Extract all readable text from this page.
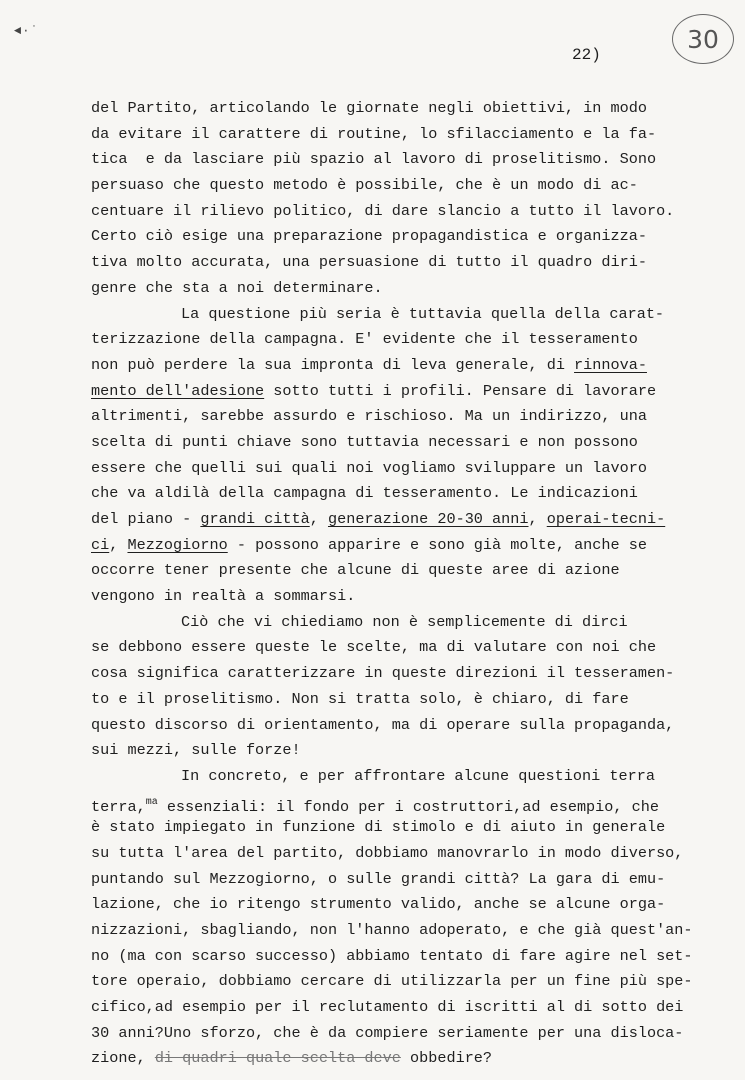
◄·˙	30
22)
del Partito, articolando le giornate negli obiettivi, in modo
da evitare il carattere di routine, lo sfilacciamento e la fa-
tica  e da lasciare più spazio al lavoro di proselitismo. Sono
persuaso che questo metodo è possibile, che è un modo di ac-
centuare il rilievo politico, di dare slancio a tutto il lavoro.
Certo ciò esige una preparazione propagandistica e organizza-
tiva molto accurata, una persuasione di tutto il quadro diri-
genre che sta a noi determinare.
La questione più seria è tuttavia quella della carat-
terizzazione della campagna. E' evidente che il tesseramento
non può perdere la sua impronta di leva generale, di rinnova-
mento dell'adesione sotto tutti i profili. Pensare di lavorare
altrimenti, sarebbe assurdo e rischioso. Ma un indirizzo, una
scelta di punti chiave sono tuttavia necessari e non possono
essere che quelli sui quali noi vogliamo sviluppare un lavoro
che va aldilà della campagna di tesseramento. Le indicazioni
del piano - grandi città, generazione 20-30 anni, operai-tecni-
ci, Mezzogiorno - possono apparire e sono già molte, anche se
occorre tener presente che alcune di queste aree di azione
vengono in realtà a sommarsi.
Ciò che vi chiediamo non è semplicemente di dirci
se debbono essere queste le scelte, ma di valutare con noi che
cosa significa caratterizzare in queste direzioni il tesseramen-
to e il proselitismo. Non si tratta solo, è chiaro, di fare
questo discorso di orientamento, ma di operare sulla propaganda,
sui mezzi, sulle forze!
In concreto, e per affrontare alcune questioni terra
terra,$^{ma}$ essenziali: il fondo per i costruttori,ad esempio, che
è stato impiegato in funzione di stimolo e di aiuto in generale
su tutta l'area del partito, dobbiamo manovrarlo in modo diverso,
puntando sul Mezzogiorno, o sulle grandi città? La gara di emu-
lazione, che io ritengo strumento valido, anche se alcune orga-
nizzazioni, sbagliando, non l'hanno adoperato, e che già quest'an-
no (ma con scarso successo) abbiamo tentato di fare agire nel set-
tore operaio, dobbiamo cercare di utilizzarla per un fine più spe-
cifico,ad esempio per il reclutamento di iscritti al di sotto dei
30 anni?Uno sforzo, che è da compiere seriamente per una disloca-
zione, di quadri quale scelta deve obbedire?
